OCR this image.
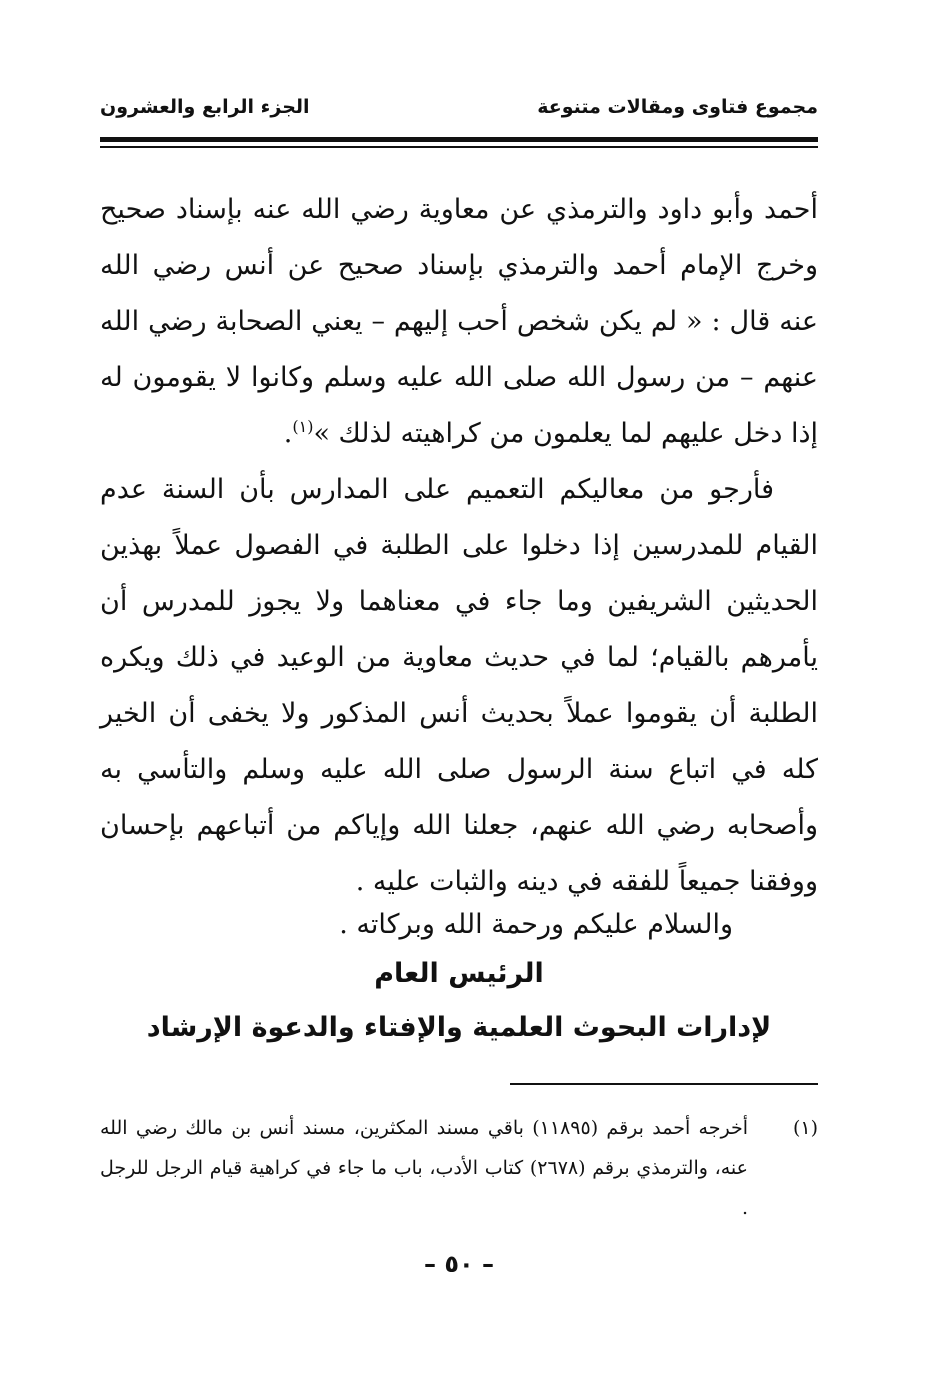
مجموع فتاوى ومقالات متنوعة
الجزء الرابع والعشرون

أحمد وأبو داود والترمذي عن معاوية رضي الله عنه بإسناد صحيح وخرج الإمام أحمد والترمذي بإسناد صحيح عن أنس رضي الله عنه قال : « لم يكن شخص أحب إليهم – يعني الصحابة رضي الله عنهم – من رسول الله صلى الله عليه وسلم وكانوا لا يقومون له إذا دخل عليهم لما يعلمون من كراهيته لذلك »$^{(١)}$.

فأرجو من معاليكم التعميم على المدارس بأن السنة عدم القيام للمدرسين إذا دخلوا على الطلبة في الفصول عملاً بهذين الحديثين الشريفين وما جاء في معناهما ولا يجوز للمدرس أن يأمرهم بالقيام؛ لما في حديث معاوية من الوعيد في ذلك ويكره الطلبة أن يقوموا عملاً بحديث أنس المذكور ولا يخفى أن الخير كله في اتباع سنة الرسول صلى الله عليه وسلم والتأسي به وأصحابه رضي الله عنهم، جعلنا الله وإياكم من أتباعهم بإحسان ووفقنا جميعاً للفقه في دينه والثبات عليه .

والسلام عليكم ورحمة الله وبركاته .
الرئيس العام
لإدارات البحوث العلمية والإفتاء والدعوة الإرشاد
(١)
أخرجه أحمد برقم (١١٨٩٥) باقي مسند المكثرين، مسند أنس بن مالك رضي الله عنه، والترمذي برقم (٢٦٧٨) كتاب الأدب، باب ما جاء في كراهية قيام الرجل للرجل .
– ٥٠ –
